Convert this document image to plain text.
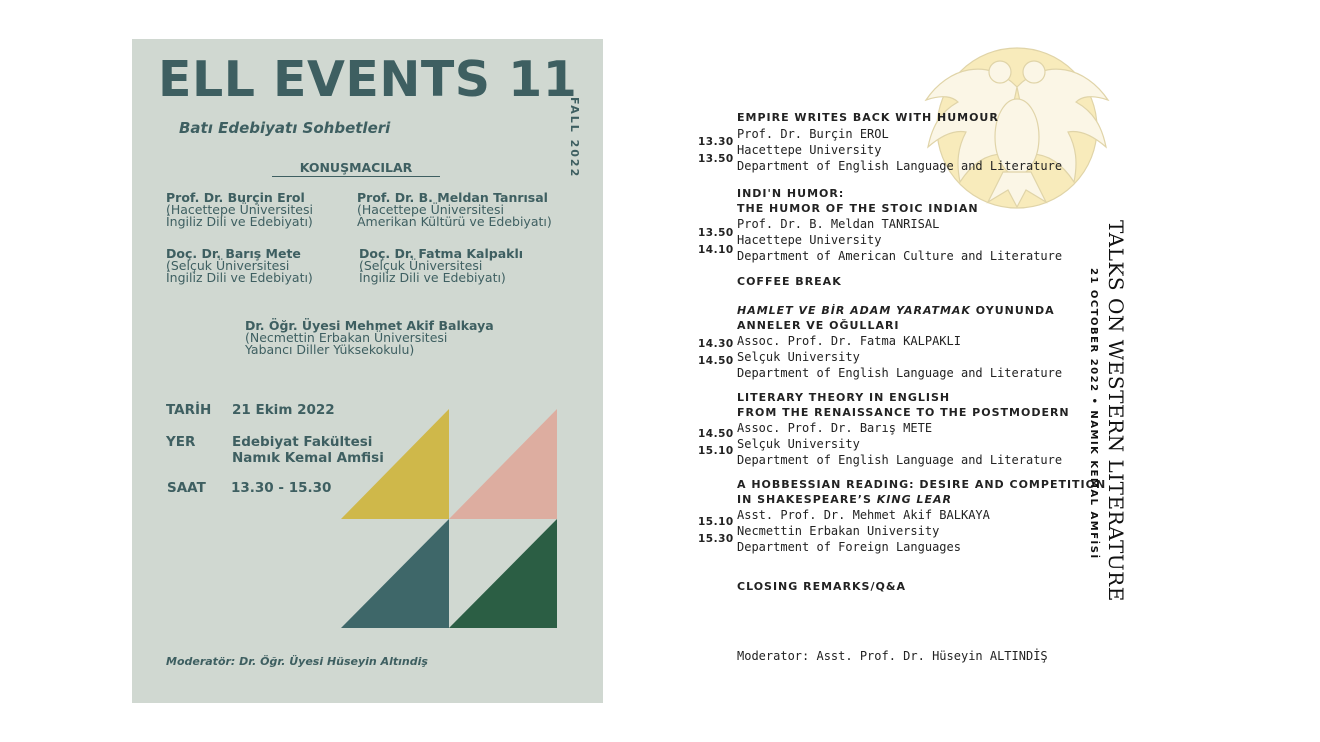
ELL EVENTS 11
Batı Edebiyatı Sohbetleri	FALL 2022
KONUŞMACILAR
Prof. Dr. Burçin Erol
(Hacettepe Üniversitesi
İngiliz Dili ve Edebiyatı)
Prof. Dr. B. Meldan Tanrısal
(Hacettepe Üniversitesi
Amerikan Kültürü ve Edebiyatı)
Doç. Dr. Barış Mete
(Selçuk Üniversitesi
İngiliz Dili ve Edebiyatı)
Doç. Dr. Fatma Kalpaklı
(Selçuk Üniversitesi
İngiliz Dili ve Edebiyatı)
Dr. Öğr. Üyesi Mehmet Akif Balkaya
(Necmettin Erbakan Üniversitesi
Yabancı Diller Yüksekokulu)
TARİH 21 Ekim 2022
YER	Edebiyat Fakültesi
Namık Kemal Amfisi
SAAT 13.30 - 15.30
Moderatör: Dr. Öğr. Üyesi Hüseyin Altındiş
13.30
13.50
EMPIRE WRITES BACK WITH HUMOUR
Prof. Dr. Burçin EROL
Hacettepe University
Department of English Language and Literature
13.50
14.10
INDI'N HUMOR:
THE HUMOR OF THE STOIC INDIAN
Prof. Dr. B. Meldan TANRISAL
Hacettepe University
Department of American Culture and Literature
COFFEE BREAK
14.30
14.50
HAMLET VE BİR ADAM YARATMAK OYUNUNDA
ANNELER VE OĞULLARI
Assoc. Prof. Dr. Fatma KALPAKLI
Selçuk University
Department of English Language and Literature
14.50
15.10
LITERARY THEORY IN ENGLISH
FROM THE RENAISSANCE TO THE POSTMODERN
Assoc. Prof. Dr. Barış METE
Selçuk University
Department of English Language and Literature
15.10
15.30
A HOBBESSIAN READING: DESIRE AND COMPETITION
IN SHAKESPEARE’S KING LEAR
Asst. Prof. Dr. Mehmet Akif BALKAYA
Necmettin Erbakan University
Department of Foreign Languages
CLOSING REMARKS/Q&A
Moderator: Asst. Prof. Dr. Hüseyin ALTINDİŞ
TALKS ON WESTERN LITERATURE
21 OCTOBER 2022 • NAMIK KEMAL AMFİSİ
